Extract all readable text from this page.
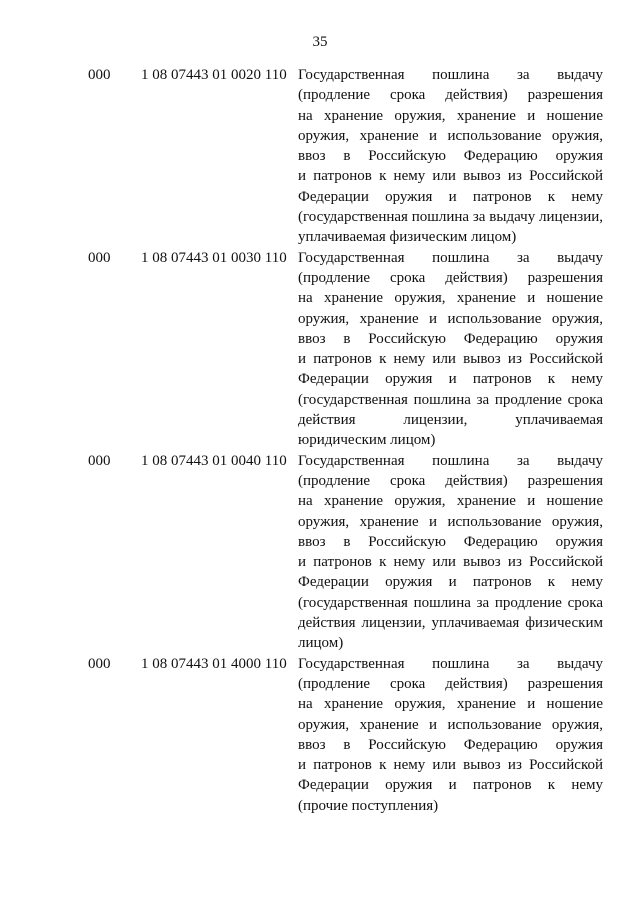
35
000 1 08 07443 01 0020 110 Государственная пошлина за выдачу
(продление срока действия) разрешения
на хранение оружия, хранение и ношение
оружия, хранение и использование оружия,
ввоз в Российскую Федерацию оружия
и патронов к нему или вывоз из Российской
Федерации оружия и патронов к нему
(государственная пошлина за выдачу лицензии,
уплачиваемая физическим лицом)
000 1 08 07443 01 0030 110 Государственная пошлина за выдачу
(продление срока действия) разрешения
на хранение оружия, хранение и ношение
оружия, хранение и использование оружия,
ввоз в Российскую Федерацию оружия
и патронов к нему или вывоз из Российской
Федерации оружия и патронов к нему
(государственная пошлина за продление срока
действия лицензии, уплачиваемая
юридическим лицом)
000 1 08 07443 01 0040 110 Государственная пошлина за выдачу
(продление срока действия) разрешения
на хранение оружия, хранение и ношение
оружия, хранение и использование оружия,
ввоз в Российскую Федерацию оружия
и патронов к нему или вывоз из Российской
Федерации оружия и патронов к нему
(государственная пошлина за продление срока
действия лицензии, уплачиваемая физическим
лицом)
000 1 08 07443 01 4000 110 Государственная пошлина за выдачу
(продление срока действия) разрешения
на хранение оружия, хранение и ношение
оружия, хранение и использование оружия,
ввоз в Российскую Федерацию оружия
и патронов к нему или вывоз из Российской
Федерации оружия и патронов к нему
(прочие поступления)
